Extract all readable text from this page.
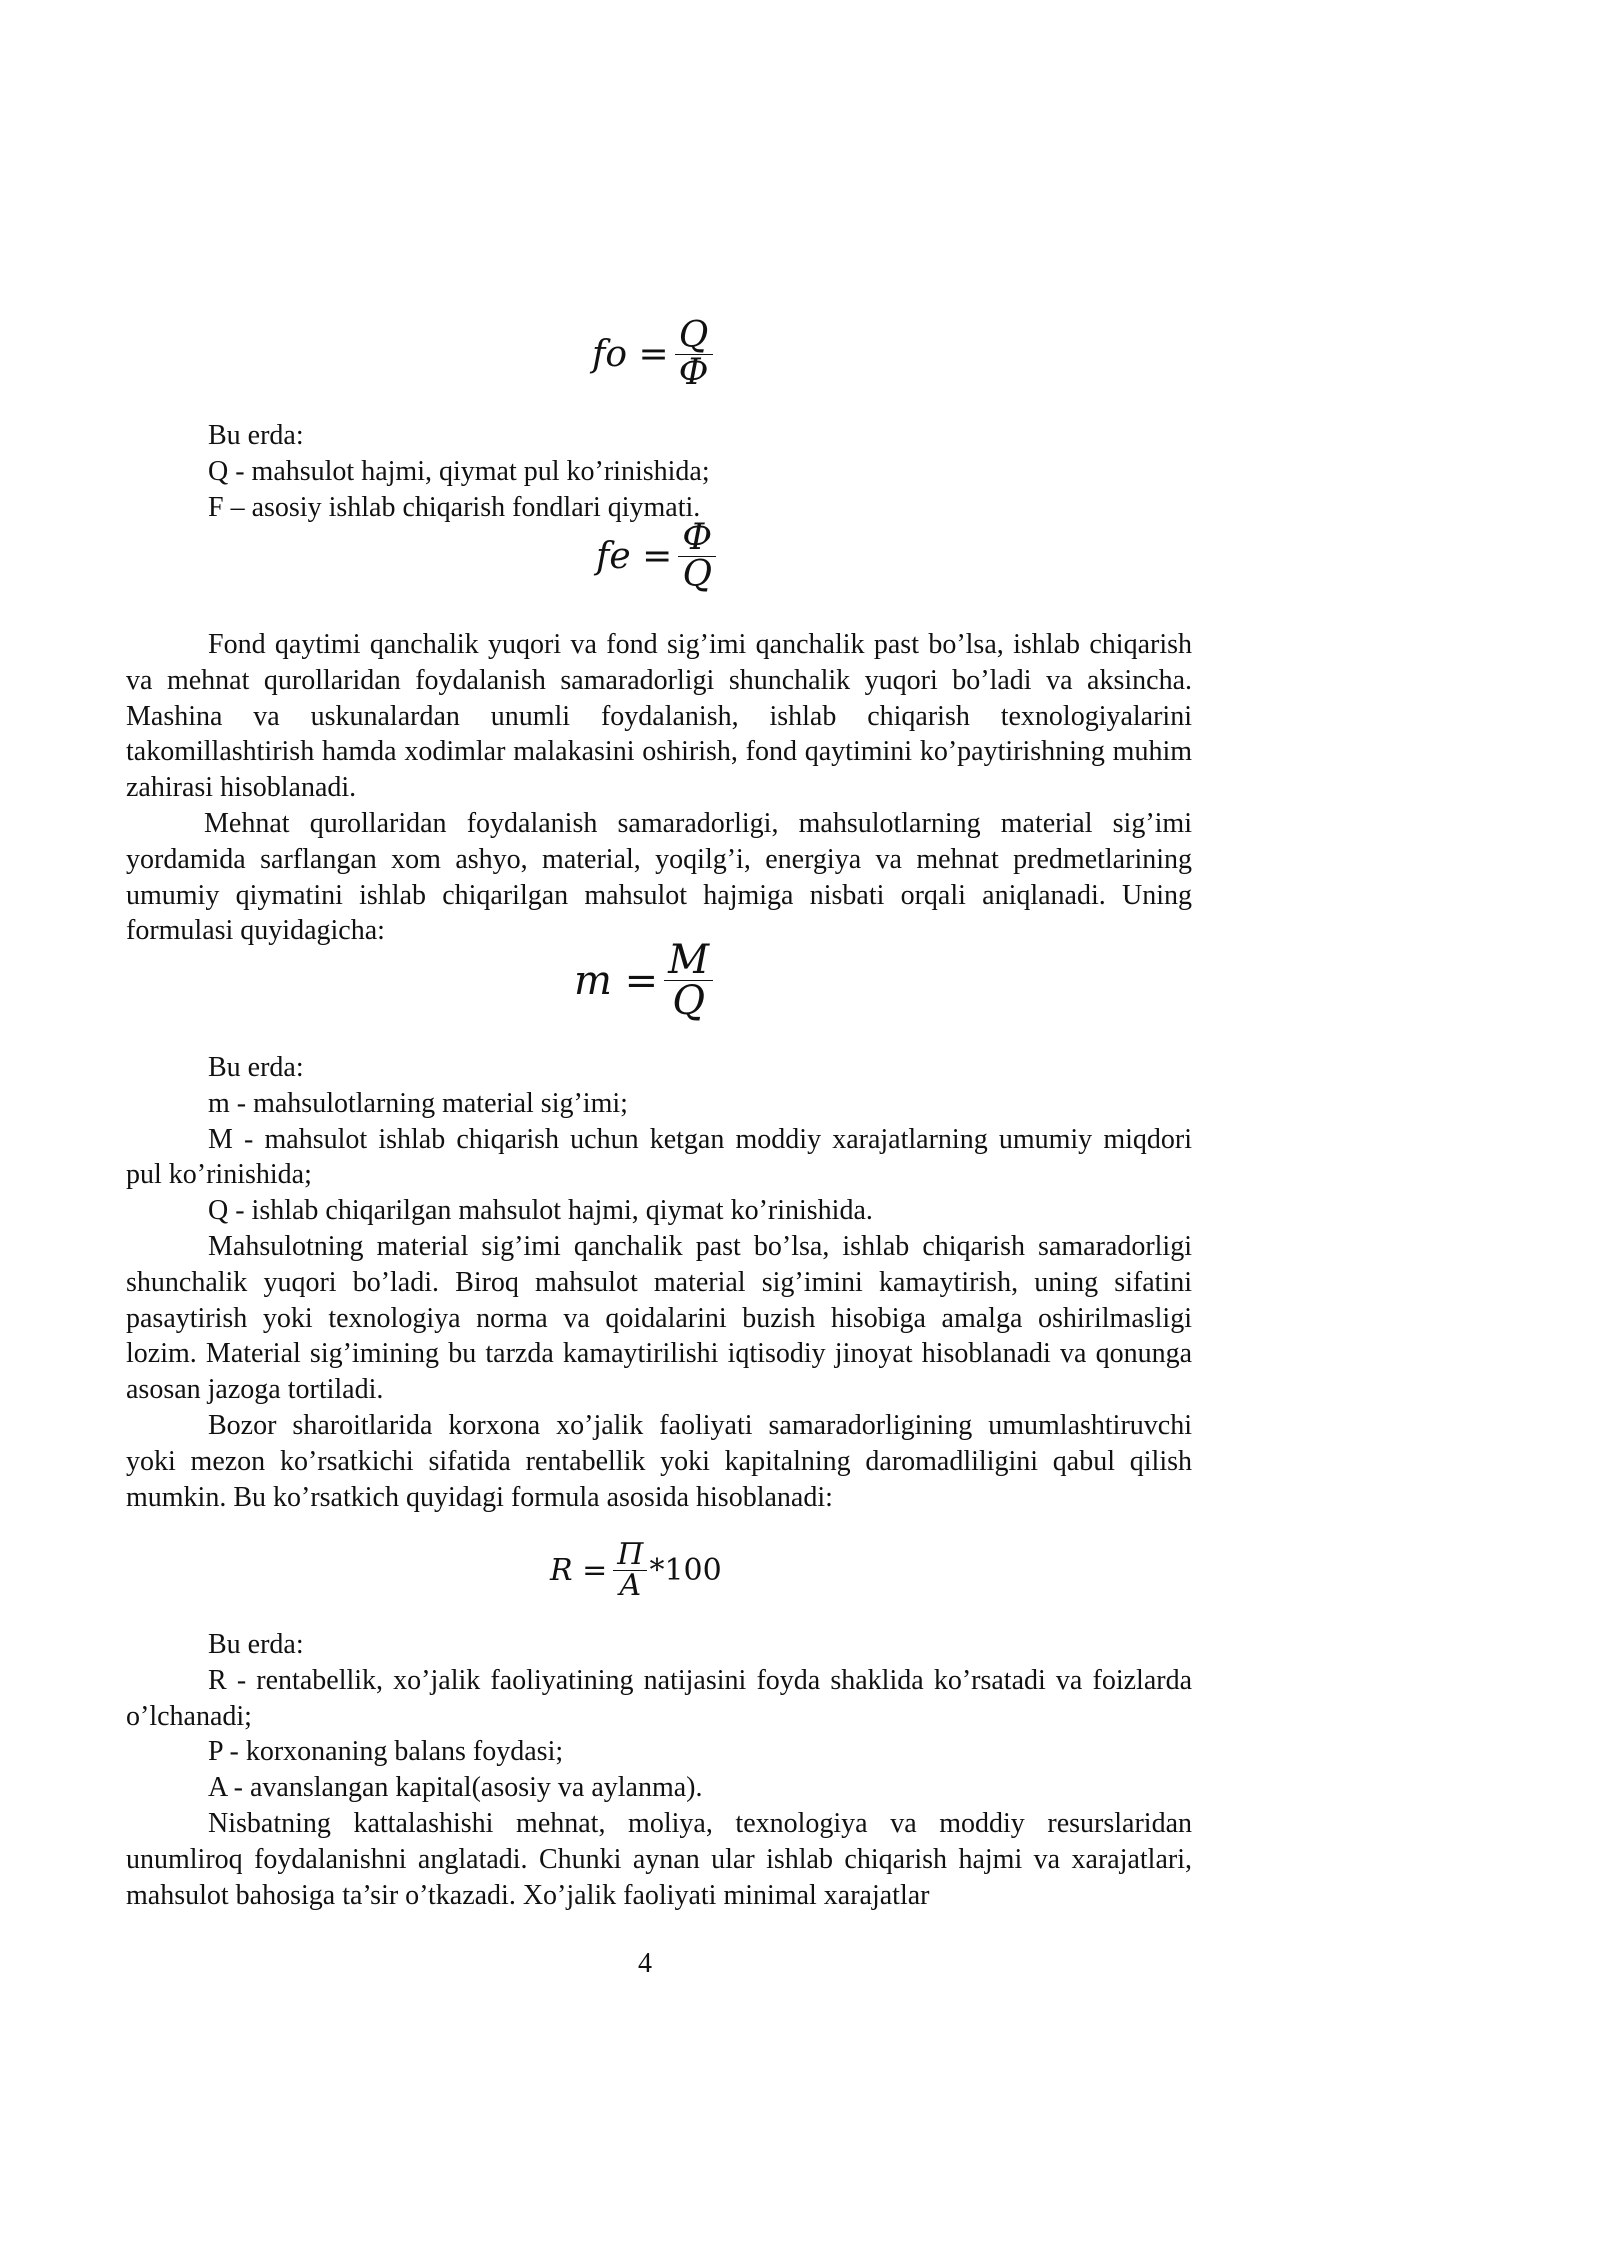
fo = $\frac{Q}{Ф}$

Bu erda:

Q - mahsulot hajmi, qiymat pul ko’rinishida;

F – asosiy ishlab chiqarish fondlari qiymati.

fe = $\frac{Ф}{Q}$

Fond qaytimi qanchalik yuqori va fond sig’imi qanchalik past bo’lsa, ishlab chiqarish va mehnat qurollaridan foydalanish samaradorligi shunchalik yuqori bo’ladi va aksincha. Mashina va uskunalardan unumli foydalanish, ishlab chiqarish texnologiyalarini takomillashtirish hamda xodimlar malakasini oshirish, fond qaytimini ko’paytirishning muhim zahirasi hisoblanadi.

Mehnat qurollaridan foydalanish samaradorligi, mahsulotlarning material sig’imi yordamida sarflangan xom ashyo, material, yoqilg’i, energiya va mehnat predmetlarining umumiy qiymatini ishlab chiqarilgan mahsulot hajmiga nisbati orqali aniqlanadi. Uning formulasi quyidagicha:

$m = \frac{M}{Q}$

Bu erda:

m - mahsulotlarning material sig’imi;

M - mahsulot ishlab chiqarish uchun ketgan moddiy xarajatlarning umumiy miqdori pul ko’rinishida;

Q - ishlab chiqarilgan mahsulot hajmi, qiymat ko’rinishida.

Mahsulotning material sig’imi qanchalik past bo’lsa, ishlab chiqarish samaradorligi shunchalik yuqori bo’ladi. Biroq mahsulot material sig’imini kamaytirish, uning sifatini pasaytirish yoki texnologiya norma va qoidalarini buzish hisobiga amalga oshirilmasligi lozim. Material sig’imining bu tarzda kamaytirilishi iqtisodiy jinoyat hisoblanadi va qonunga asosan jazoga tortiladi.

Bozor sharoitlarida korxona xo’jalik faoliyati samaradorligining umumlashtiruvchi yoki mezon ko’rsatkichi sifatida rentabellik yoki kapitalning daromadliligini qabul qilish mumkin. Bu ko’rsatkich quyidagi formula asosida hisoblanadi:

$R = \frac{П}{A} *100$

Bu erda:

R - rentabellik, xo’jalik faoliyatining natijasini foyda shaklida ko’rsatadi va foizlarda o’lchanadi;

P - korxonaning balans foydasi;

A - avanslangan kapital(asosiy va aylanma).

Nisbatning kattalashishi mehnat, moliya, texnologiya va moddiy resurslaridan unumliroq foydalanishni anglatadi. Chunki aynan ular ishlab chiqarish hajmi va xarajatlari, mahsulot bahosiga ta’sir o’tkazadi. Xo’jalik faoliyati minimal xarajatlar

4
